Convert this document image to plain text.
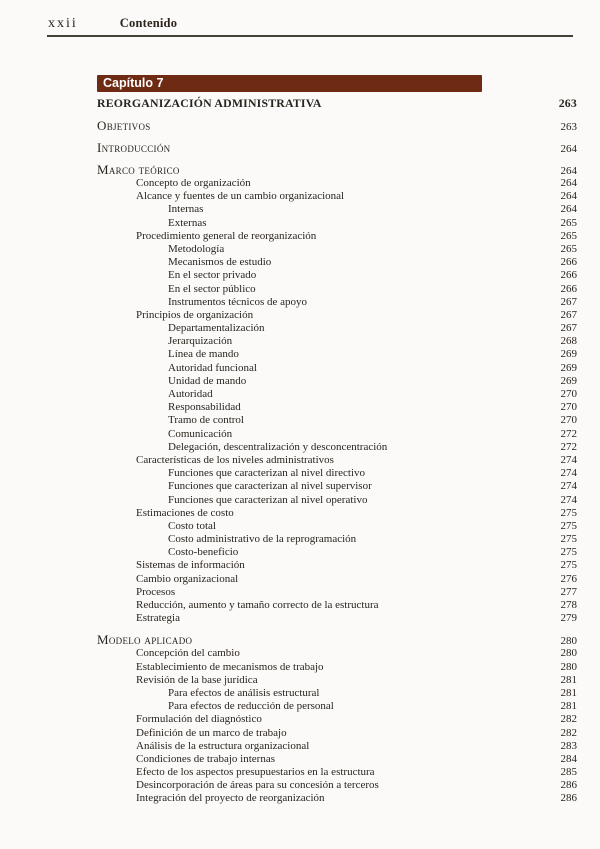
xxii	Contenido
Capítulo 7
REORGANIZACIÓN ADMINISTRATIVA	263
Objetivos	263
Introducción	264
Marco teórico	264
Concepto de organización	264
Alcance y fuentes de un cambio organizacional	264
Internas	264
Externas	265
Procedimiento general de reorganización	265
Metodología	265
Mecanismos de estudio	266
En el sector privado	266
En el sector público	266
Instrumentos técnicos de apoyo	267
Principios de organización	267
Departamentalización	267
Jerarquización	268
Línea de mando	269
Autoridad funcional	269
Unidad de mando	269
Autoridad	270
Responsabilidad	270
Tramo de control	270
Comunicación	272
Delegación, descentralización y desconcentración	272
Características de los niveles administrativos	274
Funciones que caracterizan al nivel directivo	274
Funciones que caracterizan al nivel supervisor	274
Funciones que caracterizan al nivel operativo	274
Estimaciones de costo	275
Costo total	275
Costo administrativo de la reprogramación	275
Costo-beneficio	275
Sistemas de información	275
Cambio organizacional	276
Procesos	277
Reducción, aumento y tamaño correcto de la estructura	278
Estrategia	279
Modelo aplicado	280
Concepción del cambio	280
Establecimiento de mecanismos de trabajo	280
Revisión de la base jurídica	281
Para efectos de análisis estructural	281
Para efectos de reducción de personal	281
Formulación del diagnóstico	282
Definición de un marco de trabajo	282
Análisis de la estructura organizacional	283
Condiciones de trabajo internas	284
Efecto de los aspectos presupuestarios en la estructura	285
Desincorporación de áreas para su concesión a terceros	286
Integración del proyecto de reorganización	286
